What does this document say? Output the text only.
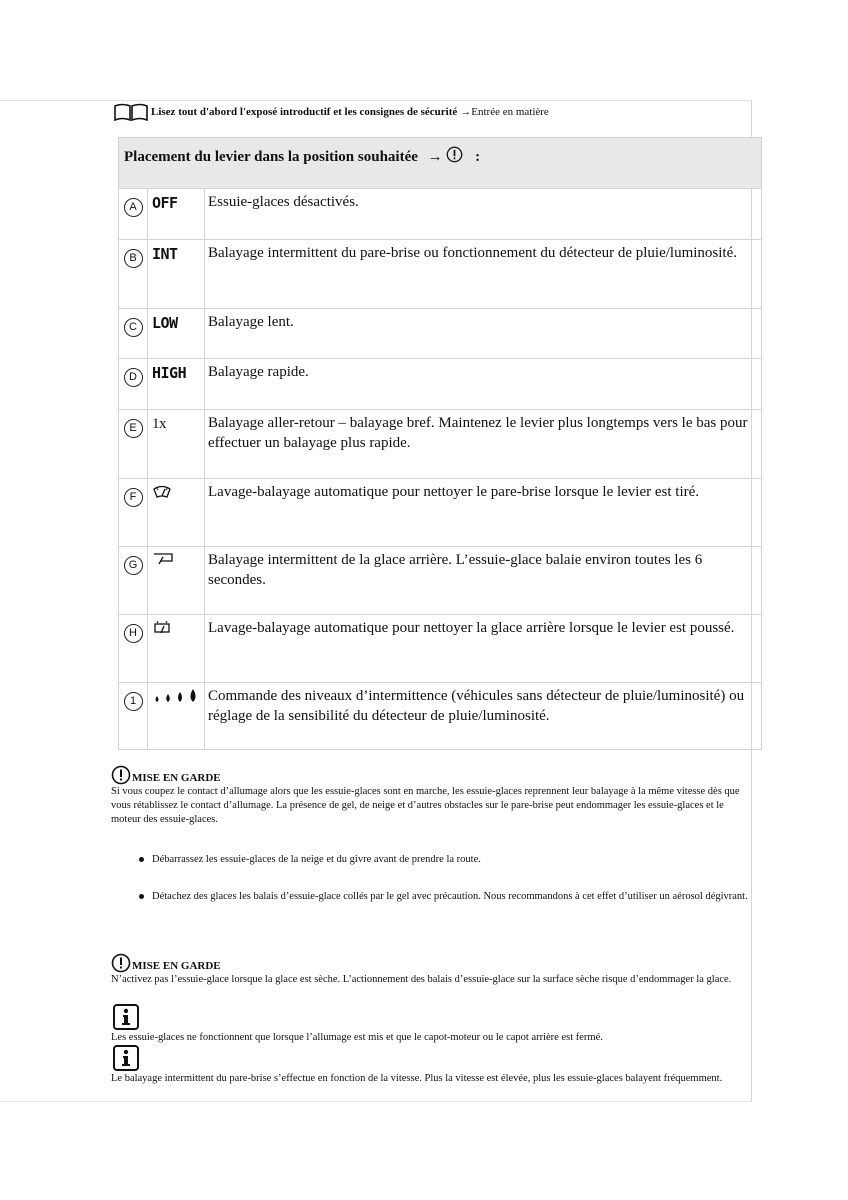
Lisez tout d'abord l'exposé introductif et les consignes de sécurité →Entrée en matière
Placement du levier dans la position souhaitée → :		
A	OFF	Essuie-glaces désactivés.
B	INT	Balayage intermittent du pare-brise ou fonctionnement du détecteur de pluie/luminosité.
C	LOW	Balayage lent.
D	HIGH	Balayage rapide.
E	1x	Balayage aller-retour – balayage bref. Maintenez le levier plus longtemps vers le bas pour effectuer un balayage plus rapide.
F		Lavage-balayage automatique pour nettoyer le pare-brise lorsque le levier est tiré.
G		Balayage intermittent de la glace arrière. L’essuie-glace balaie environ toutes les 6 secondes.
H		Lavage-balayage automatique pour nettoyer la glace arrière lorsque le levier est poussé.
1		Commande des niveaux d’intermittence (véhicules sans détecteur de pluie/luminosité) ou réglage de la sensibilité du détecteur de pluie/luminosité.
MISE EN GARDE
Si vous coupez le contact d’allumage alors que les essuie-glaces sont en marche, les essuie-glaces reprennent leur balayage à la même vitesse dès que vous rétablissez le contact d’allumage. La présence de gel, de neige et d’autres obstacles sur le pare-brise peut endommager les essuie-glaces et le moteur des essuie-glaces.
Débarrassez les essuie-glaces de la neige et du givre avant de prendre la route.
Détachez des glaces les balais d’essuie-glace collés par le gel avec précaution. Nous recommandons à cet effet d’utiliser un aérosol dégivrant.
MISE EN GARDE
N’activez pas l’essuie-glace lorsque la glace est sèche. L’actionnement des balais d’essuie-glace sur la surface sèche risque d’endommager la glace.
Les essuie-glaces ne fonctionnent que lorsque l’allumage est mis et que le capot-moteur ou le capot arrière est fermé.
Le balayage intermittent du pare-brise s’effectue en fonction de la vitesse. Plus la vitesse est élevée, plus les essuie-glaces balayent fréquemment.
